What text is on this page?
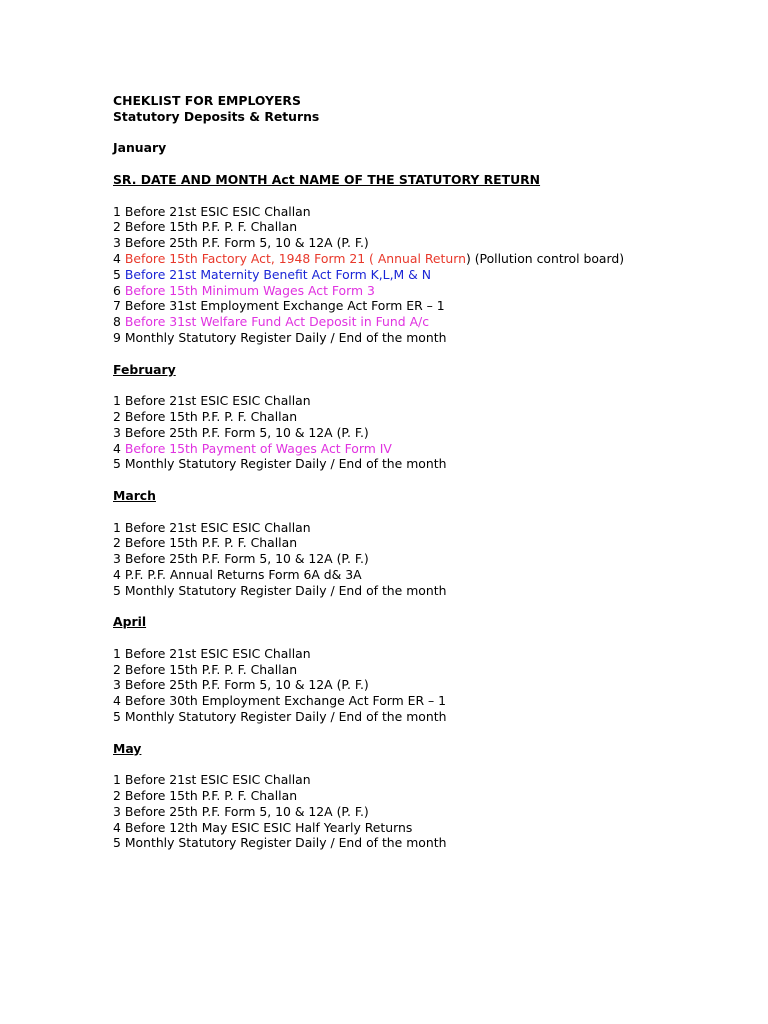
CHEKLIST FOR EMPLOYERS
Statutory Deposits & Returns
January
SR. DATE AND MONTH Act NAME OF THE STATUTORY RETURN
1 Before 21st ESIC ESIC Challan
2 Before 15th P.F. P. F. Challan
3 Before 25th P.F. Form 5, 10 & 12A (P. F.)
4 Before 15th Factory Act, 1948 Form 21 ( Annual Return) (Pollution control board)
5 Before 21st Maternity Benefit Act Form K,L,M & N
6 Before 15th Minimum Wages Act Form 3
7 Before 31st Employment Exchange Act Form ER – 1
8 Before 31st Welfare Fund Act Deposit in Fund A/c
9 Monthly Statutory Register Daily / End of the month
February
1 Before 21st ESIC ESIC Challan
2 Before 15th P.F. P. F. Challan
3 Before 25th P.F. Form 5, 10 & 12A (P. F.)
4 Before 15th Payment of Wages Act Form IV
5 Monthly Statutory Register Daily / End of the month
March
1 Before 21st ESIC ESIC Challan
2 Before 15th P.F. P. F. Challan
3 Before 25th P.F. Form 5, 10 & 12A (P. F.)
4 P.F. P.F. Annual Returns Form 6A d& 3A
5 Monthly Statutory Register Daily / End of the month
April
1 Before 21st ESIC ESIC Challan
2 Before 15th P.F. P. F. Challan
3 Before 25th P.F. Form 5, 10 & 12A (P. F.)
4 Before 30th Employment Exchange Act Form ER – 1
5 Monthly Statutory Register Daily / End of the month
May
1 Before 21st ESIC ESIC Challan
2 Before 15th P.F. P. F. Challan
3 Before 25th P.F. Form 5, 10 & 12A (P. F.)
4 Before 12th May ESIC ESIC Half Yearly Returns
5 Monthly Statutory Register Daily / End of the month
